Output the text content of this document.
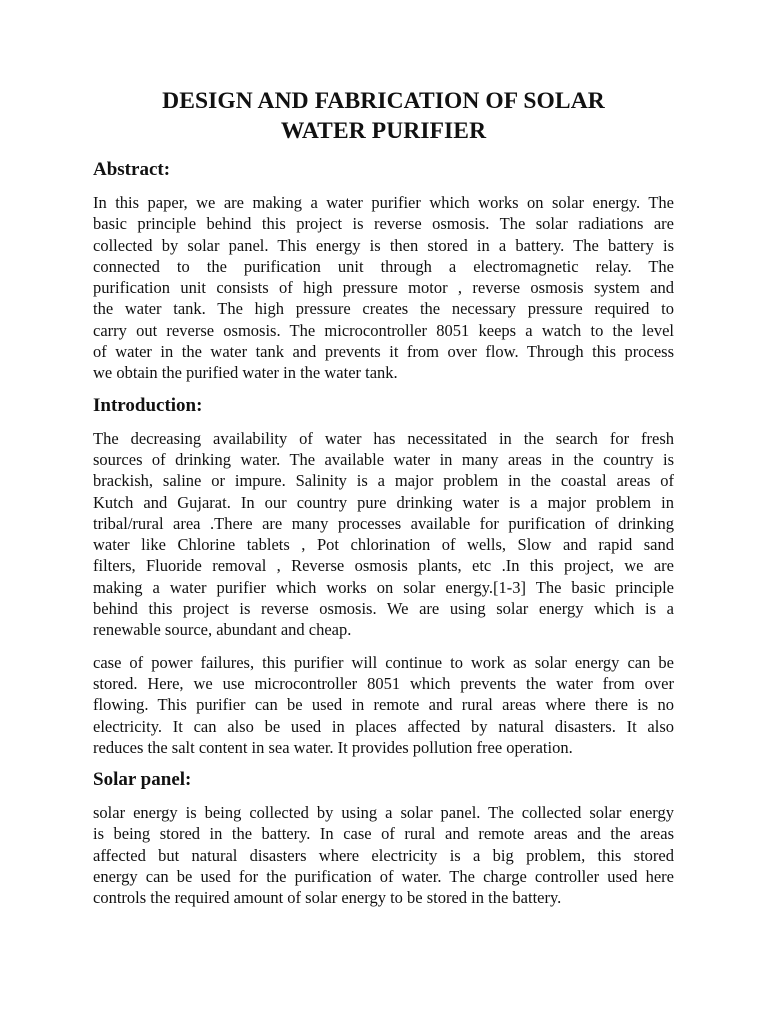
DESIGN AND FABRICATION OF SOLAR
WATER PURIFIER
Abstract:
In this paper, we are making a water purifier which works on solar energy. The
basic principle behind this project is reverse osmosis. The solar radiations are
collected by solar panel. This energy is then stored in a battery. The battery is
connected to the purification unit through a electromagnetic relay. The
purification unit consists of high pressure motor , reverse osmosis system and
the water tank. The high pressure creates the necessary pressure required to
carry out reverse osmosis. The microcontroller 8051 keeps a watch to the level
of water in the water tank and prevents it from over flow. Through this process
we obtain the purified water in the water tank.
Introduction:
The decreasing availability of water has necessitated in the search for fresh
sources of drinking water. The available water in many areas in the country is
brackish, saline or impure. Salinity is a major problem in the coastal areas of
Kutch and Gujarat. In our country pure drinking water is a major problem in
tribal/rural area .There are many processes available for purification of drinking
water like Chlorine tablets , Pot chlorination of wells, Slow and rapid sand
filters, Fluoride removal , Reverse osmosis plants, etc .In this project, we are
making a water purifier which works on solar energy.[1-3] The basic principle
behind this project is reverse osmosis. We are using solar energy which is a
renewable source, abundant and cheap.
case of power failures, this purifier will continue to work as solar energy can be
stored. Here, we use microcontroller 8051 which prevents the water from over
flowing. This purifier can be used in remote and rural areas where there is no
electricity. It can also be used in places affected by natural disasters. It also
reduces the salt content in sea water. It provides pollution free operation.
Solar panel:
solar energy is being collected by using a solar panel. The collected solar energy
is being stored in the battery. In case of rural and remote areas and the areas
affected but natural disasters where electricity is a big problem, this stored
energy can be used for the purification of water. The charge controller used here
controls the required amount of solar energy to be stored in the battery.
